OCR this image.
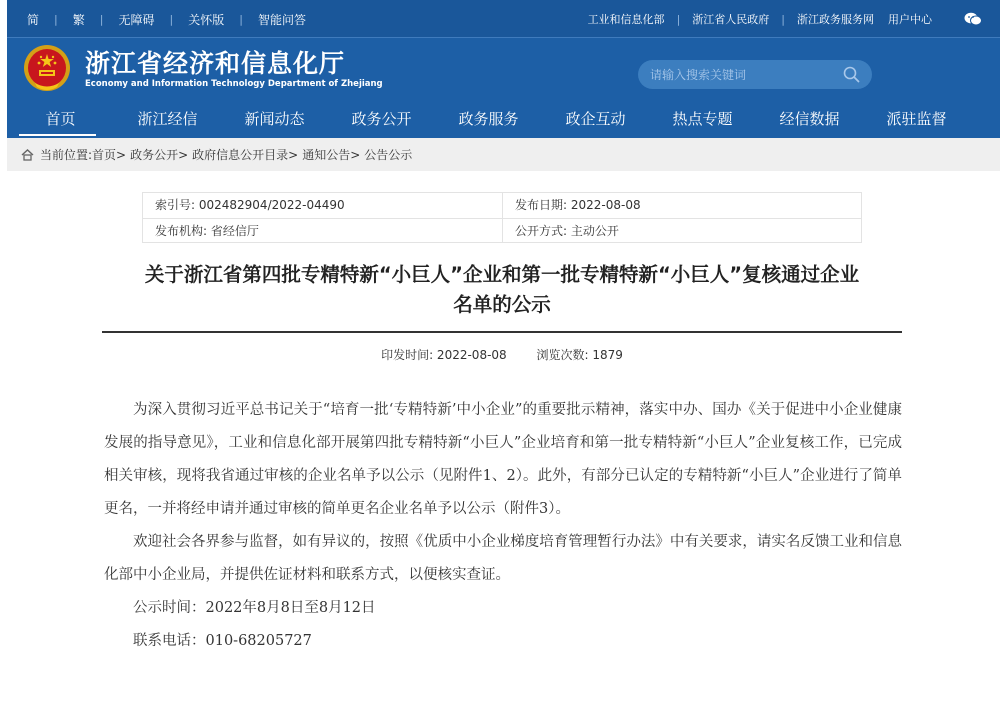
简 | 繁 | 无障碍 | 关怀版 | 智能问答	工业和信息化部 | 浙江省人民政府 | 浙江政务服务网 用户中心
浙江省经济和信息化厅
Economy and Information Technology Department of Zhejiang
请输入搜索关键词
首页	浙江经信	新闻动态	政务公开	政务服务	政企互动	热点专题	经信数据	派驻监督
当前位置: 首页> 政务公开> 政府信息公开目录> 通知公告> 公告公示
索引号: 002482904/2022-04490	发布日期: 2022-08-08
发布机构: 省经信厅	公开方式: 主动公开
关于浙江省第四批专精特新“小巨人”企业和第一批专精特新“小巨人”复核通过企业
名单的公示
印发时间: 2022-08-08 浏览次数: 1879

为深入贯彻习近平总书记关于“培育一批‘专精特新’中小企业”的重要批示精神，落实中办、国办《关于促进中小企业健康发展的指导意见》，工业和信息化部开展第四批专精特新“小巨人”企业培育和第一批专精特新“小巨人”企业复核工作，已完成相关审核，现将我省通过审核的企业名单予以公示（见附件1、2）。此外，有部分已认定的专精特新“小巨人”企业进行了简单更名，一并将经申请并通过审核的简单更名企业名单予以公示（附件3）。

欢迎社会各界参与监督，如有异议的，按照《优质中小企业梯度培育管理暂行办法》中有关要求，请实名反馈工业和信息化部中小企业局，并提供佐证材料和联系方式，以便核实查证。

公示时间：2022年8月8日至8月12日

联系电话：010-68205727
